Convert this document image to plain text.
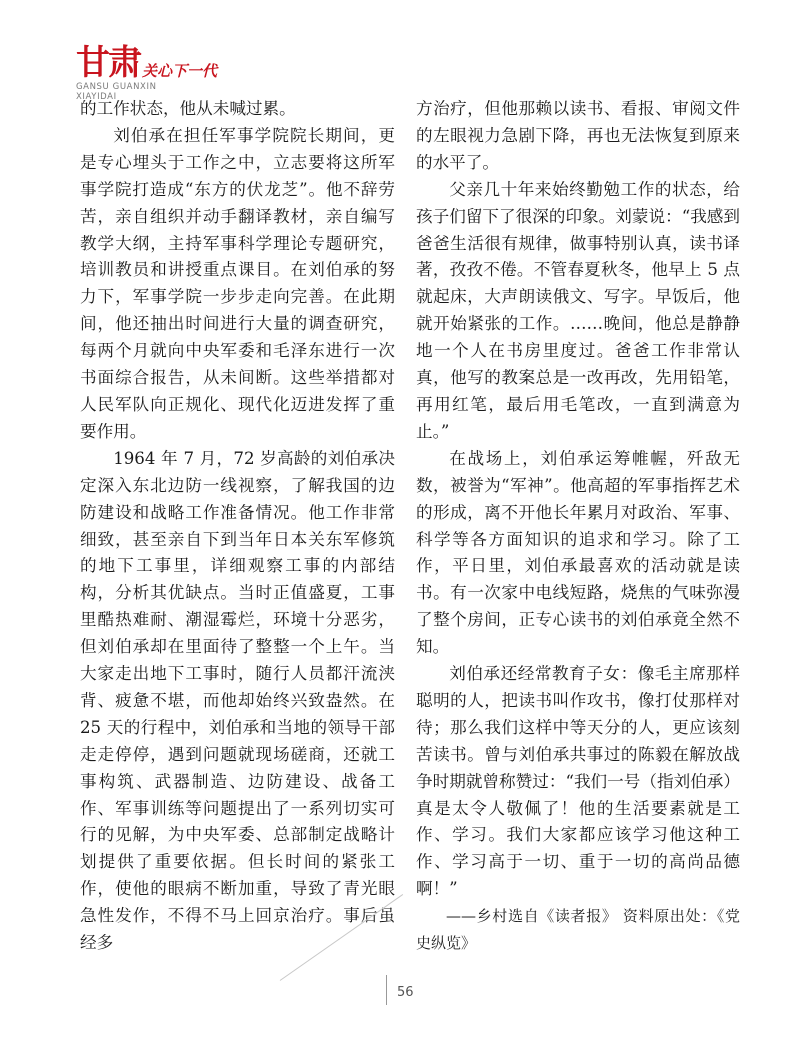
甘肃 关心下一代
GANSU GUANXIN
XIAYIDAI

的工作状态，他从未喊过累。

刘伯承在担任军事学院院长期间，更是专心埋头于工作之中，立志要将这所军事学院打造成“东方的伏龙芝”。他不辞劳苦，亲自组织并动手翻译教材，亲自编写教学大纲，主持军事科学理论专题研究，培训教员和讲授重点课目。在刘伯承的努力下，军事学院一步步走向完善。在此期间，他还抽出时间进行大量的调查研究，每两个月就向中央军委和毛泽东进行一次书面综合报告，从未间断。这些举措都对人民军队向正规化、现代化迈进发挥了重要作用。

1964 年 7 月，72 岁高龄的刘伯承决定深入东北边防一线视察，了解我国的边防建设和战略工作准备情况。他工作非常细致，甚至亲自下到当年日本关东军修筑的地下工事里，详细观察工事的内部结构，分析其优缺点。当时正值盛夏，工事里酷热难耐、潮湿霉烂，环境十分恶劣，但刘伯承却在里面待了整整一个上午。当大家走出地下工事时，随行人员都汗流浃背、疲惫不堪，而他却始终兴致盎然。在 25 天的行程中，刘伯承和当地的领导干部走走停停，遇到问题就现场磋商，还就工事构筑、武器制造、边防建设、战备工作、军事训练等问题提出了一系列切实可行的见解，为中央军委、总部制定战略计划提供了重要依据。但长时间的紧张工作，使他的眼病不断加重，导致了青光眼急性发作，不得不马上回京治疗。事后虽经多

方治疗，但他那赖以读书、看报、审阅文件的左眼视力急剧下降，再也无法恢复到原来的水平了。

父亲几十年来始终勤勉工作的状态，给孩子们留下了很深的印象。刘蒙说：“我感到爸爸生活很有规律，做事特别认真，读书译著，孜孜不倦。不管春夏秋冬，他早上 5 点就起床，大声朗读俄文、写字。早饭后，他就开始紧张的工作。……晚间，他总是静静地一个人在书房里度过。爸爸工作非常认真，他写的教案总是一改再改，先用铅笔，再用红笔，最后用毛笔改，一直到满意为止。”

在战场上，刘伯承运筹帷幄，歼敌无数，被誉为“军神”。他高超的军事指挥艺术的形成，离不开他长年累月对政治、军事、科学等各方面知识的追求和学习。除了工作，平日里，刘伯承最喜欢的活动就是读书。有一次家中电线短路，烧焦的气味弥漫了整个房间，正专心读书的刘伯承竟全然不知。

刘伯承还经常教育子女：像毛主席那样聪明的人，把读书叫作攻书，像打仗那样对待；那么我们这样中等天分的人，更应该刻苦读书。曾与刘伯承共事过的陈毅在解放战争时期就曾称赞过：“我们一号（指刘伯承）真是太令人敬佩了！他的生活要素就是工作、学习。我们大家都应该学习他这种工作、学习高于一切、重于一切的高尚品德啊！”

——乡村选自《读者报》 资料原出处：《党史纵览》

56
